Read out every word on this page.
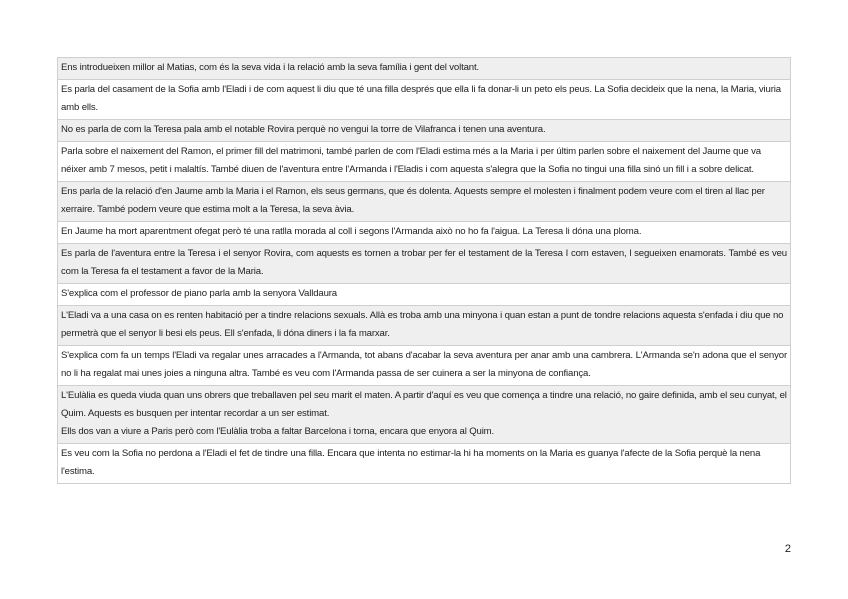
Ens introdueixen millor al Matias, com és la seva vida i la relació amb la seva família i gent del voltant.

Es parla del casament de la Sofia amb l'Eladi i de com aquest li diu que té una filla després que ella li fa donar-li un peto els peus. La Sofia decideix que la nena, la Maria, viuria amb ells.

No es parla de com la Teresa pala amb el notable Rovira perquè no vengui la torre de Vilafranca i tenen una aventura.

Parla sobre el naixement del Ramon, el primer fill del matrimoni, també parlen de com l'Eladi estima més a la Maria i per últim parlen sobre el naixement del Jaume que va néixer amb 7 mesos, petit i malaltís. També diuen de l'aventura entre l'Armanda i l'Eladis i com aquesta s'alegra que la Sofia no tingui una filla sinó un fill i a sobre delicat.

Ens parla de la relació d'en Jaume amb la Maria i el Ramon, els seus germans, que és dolenta. Aquests sempre el molesten i finalment podem veure com el tiren al llac per xerraire. També podem veure que estima molt a la Teresa, la seva àvia.

En Jaume ha mort aparentment ofegat però té una ratlla morada al coll i segons l'Armanda això no ho fa l'aigua. La Teresa li dóna una ploma.

Es parla de l'aventura entre la Teresa i el senyor Rovira, com aquests es tornen a trobar per fer el testament de la Teresa I com estaven, l segueixen enamorats. També es veu com la Teresa fa el testament a favor de la Maria.

S'explica com el professor de piano parla amb la senyora Valldaura

L'Eladi va a una casa on es renten habitació per a tindre relacions sexuals. Allà es troba amb una minyona i quan estan a punt de tondre relacions aquesta s'enfada i diu que no permetrà que el senyor li besi els peus. Ell s'enfada, li dóna diners i la fa marxar.

S'explica com fa un temps l'Eladi va regalar unes arracades a l'Armanda, tot abans d'acabar la seva aventura per anar amb una cambrera. L'Armanda se'n adona que el senyor no li ha regalat mai unes joies a ninguna altra. També es veu com l'Armanda passa de ser cuinera a ser la minyona de confiança.

L'Eulàlia es queda viuda quan uns obrers que treballaven pel seu marit el maten. A partir d'aquí es veu que comença a tindre una relació, no gaire definida, amb el seu cunyat, el Quim. Aquests es busquen per intentar recordar a un ser estimat.
Ells dos van a viure a Paris però com l'Eulàlia troba a faltar Barcelona i torna, encara que enyora al Quim.

Es veu com la Sofia no perdona a l'Eladi el fet de tindre una filla. Encara que intenta no estimar-la hi ha moments on la Maria es guanya l'afecte de la Sofia perquè la nena l'estima.
2
